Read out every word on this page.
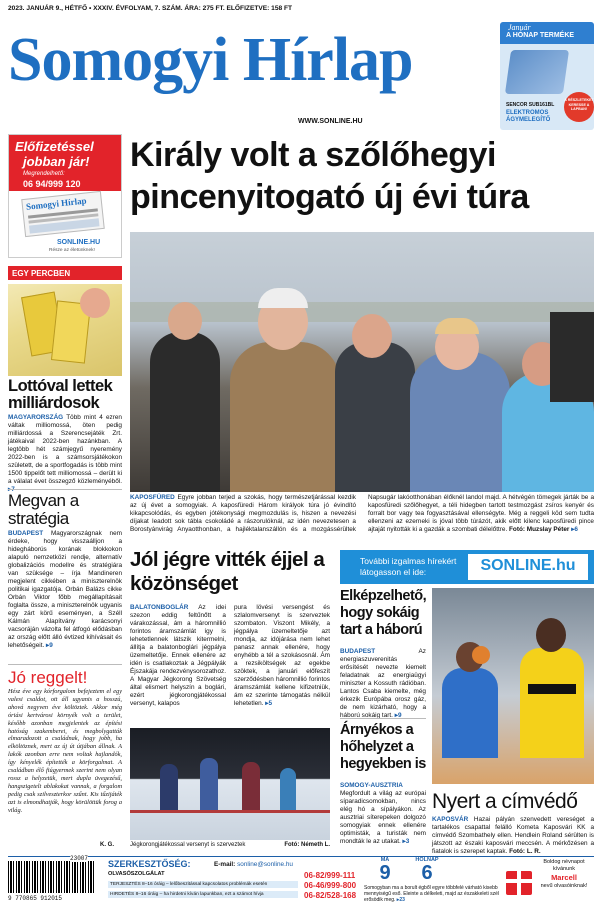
2023. JANUÁR 9., HÉTFŐ • XXXIV. ÉVFOLYAM, 7. SZÁM. ÁRA: 275 FT. ELŐFIZETVE: 158 FT
Somogyi Hírlap
WWW.SONLINE.HU
Január
A HÓNAP TERMÉKE
A RÉSZLETEKET KERESSE A LAPBAN!
SENCOR SUB161BL
ELEKTROMOS ÁGYMELEGÍTŐ
Előfizetéssel
jobban jár!
Megrendelhető:
06 94/999 120
Somogyi Hírlap
SONLINE.HU
Része az életünknek!
EGY PERCBEN
Lottóval lettek milliárdosok
MAGYARORSZÁG Több mint 4 ezren váltak milliomossá, öten pedig milliárdossá a Szerencsejáték Zrt. játékaival 2022-ben hazánkban. A legtöbb hét számjegyű nyeremény 2022-ben is a számsorsjátékokon született, de a sportfogadás is több mint 1500 tippelőt tett milliomossá – derült ki a válalat évet összegző közleményéből. ▸7
Megvan a stratégia
BUDAPEST Magyarországnak nem érdeke, hogy visszaálljon a hidegháborús korának blokkokon alapuló nemzetközi rendje, alternatív globalizációs modellre és stratégiára van szüksége – írja Mandineren megjelent cikkében a miniszterelnök politikai igazgatója. Orbán Balázs cikke Orbán Viktor főbb megállapításait foglalta össze, a miniszterelnök ugyanis egy zárt körű eseményen, a Széll Kálmán Alapítvány karácsonyi vacsoráján vázolta fel átfogó elődásban az ország előtt álló évtized kihívásait és lehetőségeit. ▸9
Jó reggelt!
Hész éve egy kórforgalom befejeztem el egy valesi csaldot, ott áll ugyanis a hosszú, ahová negyven éve költöztek. Akkor még óriási kertvárosi környék volt a terület, később azonban megjelentek az építési hatóság szakemberei, és megbolygatták elmaradozott a családnak, hogy jobb, ha elköltöznek, mert az új út útjában állnak. A lakók azonban erre nem voltak hajlandók, így kényelék építették a körforgalmat. A családban élő fiúgyermek szerint nem olyan rossz a helyzetük, mert dupla üvegezésű, hangszigetelt ablakokat vannak, a forgalom pedig csak szilveszterkor szűnt. Kis tűzijáték azt is elmondhatják, hogy körülöttük forog a világ.
K. G.
Király volt a szőlőhegyi pincenyitogató új évi túra
KAPOSFÜRED Egyre jobban terjed a szokás, hogy természetjárással kezdik az új évet a somogyiak. A kaposfüredi Három királyok túra jó évindító kikapcsolódás, és egyben jótékonysági megmozdulás is, hiszen a nevezési díjakat leadott sok tábla csokoládé a rászorulóknál, az idén nevezetesen a Borostyánvirág Anyaotthonban, a hajléktalanszállón és a mozgássérültek Napsugár lakóotthonában élőknél landol majd. A hétvégén tömegek járták be a kaposfüredi szőlőhegyet, a téli hidegben tartott testmozgást zsíros kenyér és forralt bor vagy tea fogyasztásával ellenségyte. Még a reggeli köd sem tudta ellenzeni az ezerneki is jóval több túrázót, akik előtt kilenc kaposfüredi pince ajtaját nyitották ki a gazdák a szombati délelőttre. Fotó: Muzslay Péter ▸6
Jól jégre vitték éjjel a közönséget
BALATONBOGLÁR Az idei szezon eddig feltűnőtt a várakozással, ám a háromnillió forintos áramszámlát így is lehetetlennek látszik kitermelni, állítja a balatonboglári jégpálya üzemeltetője. Ennek ellenére az idén is csatlakoztak a Jégpályák Éjszakája rendezvénysorozathoz. A Magyar Jégkorong Szövetség által elismert helyszín a boglári, ezért jégkorongjátékossal versenyt, kalapos
pura lövési versengést és szlalomversenyt is szerveztek szombaton. Viszont Mikély, a jégpálya üzemeltetője azt mondja, az idójárása nem lehet panasz annak ellenére, hogy enyhébb a tél a szokásosnál. Ám a rezsiköltségek az egekbe szöktek, a januári előfeszít szerződésben háromnillió forintos áramszámlát kellene kifizetniük, ám ez szerinte támogatás nélkül lehetetlen. ▸5
Jégkorongjátékossal versenyt is szerveztek	Fotó: Németh L.
További izgalmas hírekért
látogasson el ide:	SONLINE.hu
Elképzelhető, hogy sokáig tart a háború
BUDAPEST	Az energiaszuverenitás erősítését nevezte kiemelt feladatnak az energiaügyi miniszter a Kossuth rádióban. Lantos Csaba kiemelte, még érkezik Európába orosz gáz, de nem kizárható, hogy a háború sokáig tart. ▸9
Árnyékos a hőhelyzet a hegyekben is
SOMOGY-AUSZTRIA Megfordult a világ az európai síparadicsomokban, nincs elég hó a sípályákon. Az ausztriai síterepeken dolgozó somogyiak ennek ellenére optimisták, a turisták nem mondták le az utakat. ▸3
Nyert a címvédő
KAPOSVÁR Hazai pályán szenvedett vereséget a tartalékos csapattal felálló Kometa Kaposvári KK a címvédő Szombathely ellen. Hendlein Roland sérülten is játszott az északi kaposvári meccsén. A mérkőzésen a fiatalok is szerepet kaptak. Fotó: L. R.
9 770865 912015
23007
SZERKESZTŐSÉG:	E-mail: sonline@sonline.hu
OLVASÓSZOLGÁLAT
TERJESZTÉS 8–16 óráig – lelőbeszitással kapcsolatos problémák esetén
HIRDETÉS 8–16 óráig – ha hirdetni kíván lapunkban, ezt a számot hívja
06-82/999-111
06-46/999-800
06-82/528-168
MA
9
HOLNAP
6
Somogyban ma a borult égből egyre többfelé várható kisebb mennyiségű eső. Eleinte a délkeleti, majd az északkeleti szél erősödik meg. ▸23
Boldog névnapot kívánunk
Marcell
nevű olvasóinknak!
